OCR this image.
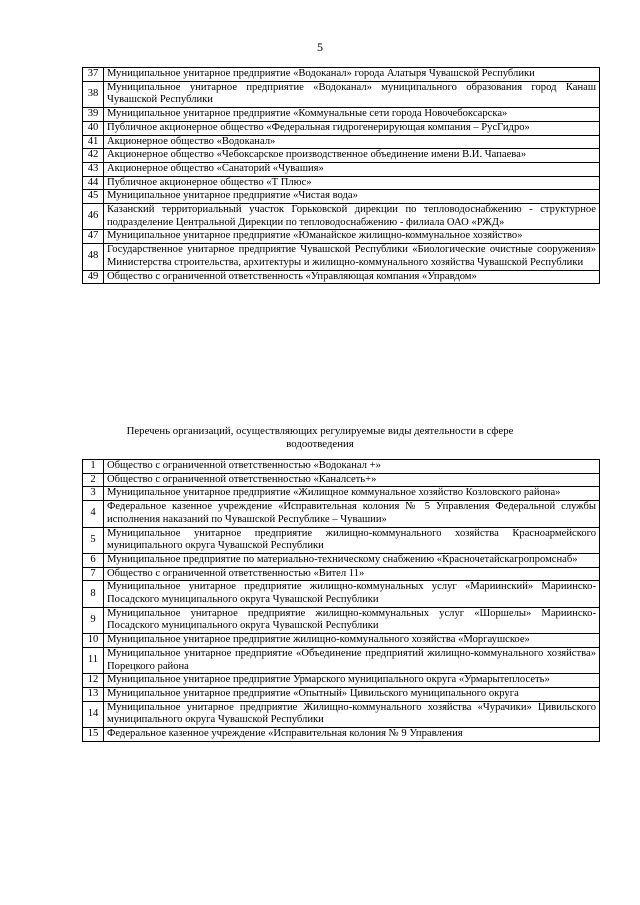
5
37	Муниципальное унитарное предприятие «Водоканал» города Алатыря Чувашской Республики
38	Муниципальное унитарное предприятие «Водоканал» муниципального образования город Канаш Чувашской Республики
39	Муниципальное унитарное предприятие «Коммунальные сети города Новочебоксарска»
40	Публичное акционерное общество «Федеральная гидрогенерирующая компания – РусГидро»
41	Акционерное общество «Водоканал»
42	Акционерное общество «Чебоксарское производственное объединение имени В.И. Чапаева»
43	Акционерное общество «Санаторий «Чувашия»
44	Публичное акционерное общество «Т Плюс»
45	Муниципальное унитарное предприятие «Чистая вода»
46	Казанский территориальный участок Горьковской дирекции по тепловодоснабжению - структурное подразделение Центральной Дирекции по тепловодоснабжению - филиала ОАО «РЖД»
47	Муниципальное унитарное предприятие «Юманайское жилищно-коммунальное хозяйство»
48	Государственное унитарное предприятие Чувашской Республики «Биологические очистные сооружения» Министерства строительства, архитектуры и жилищно-коммунального хозяйства Чувашской Республики
49	Общество с ограниченной ответственность «Управляющая компания «Управдом»
Перечень организаций, осуществляющих регулируемые виды деятельности в сфере водоотведения
1	Общество с ограниченной ответственностью «Водоканал +»
2	Общество с ограниченной ответственностью «Каналсеть+»
3	Муниципальное унитарное предприятие «Жилищное коммунальное хозяйство Козловского района»
4	Федеральное казенное учреждение «Исправительная колония № 5 Управления Федеральной службы исполнения наказаний по Чувашской Республике – Чувашии»
5	Муниципальное унитарное предприятие жилищно-коммунального хозяйства Красноармейского муниципального округа Чувашской Республики
6	Муниципальное предприятие по материально-техническому снабжению «Красночетайскагропромснаб»
7	Общество с ограниченной ответственностью «Вител 11»
8	Муниципальное унитарное предприятие жилищно-коммунальных услуг «Мариинский» Мариинско-Посадского муниципального округа Чувашской Республики
9	Муниципальное унитарное предприятие жилищно-коммунальных услуг «Шоршелы» Мариинско-Посадского муниципального округа Чувашской Республики
10	Муниципальное унитарное предприятие жилищно-коммунального хозяйства «Моргаушское»
11	Муниципальное унитарное предприятие «Объединение предприятий жилищно-коммунального хозяйства» Порецкого района
12	Муниципальное унитарное предприятие Урмарского муниципального округа «Урмарытеплосеть»
13	Муниципальное унитарное предприятие «Опытный» Цивильского муниципального округа
14	Муниципальное унитарное предприятие Жилищно-коммунального хозяйства «Чурачики» Цивильского муниципального округа Чувашской Республики
15	Федеральное казенное учреждение «Исправительная колония № 9 Управления
